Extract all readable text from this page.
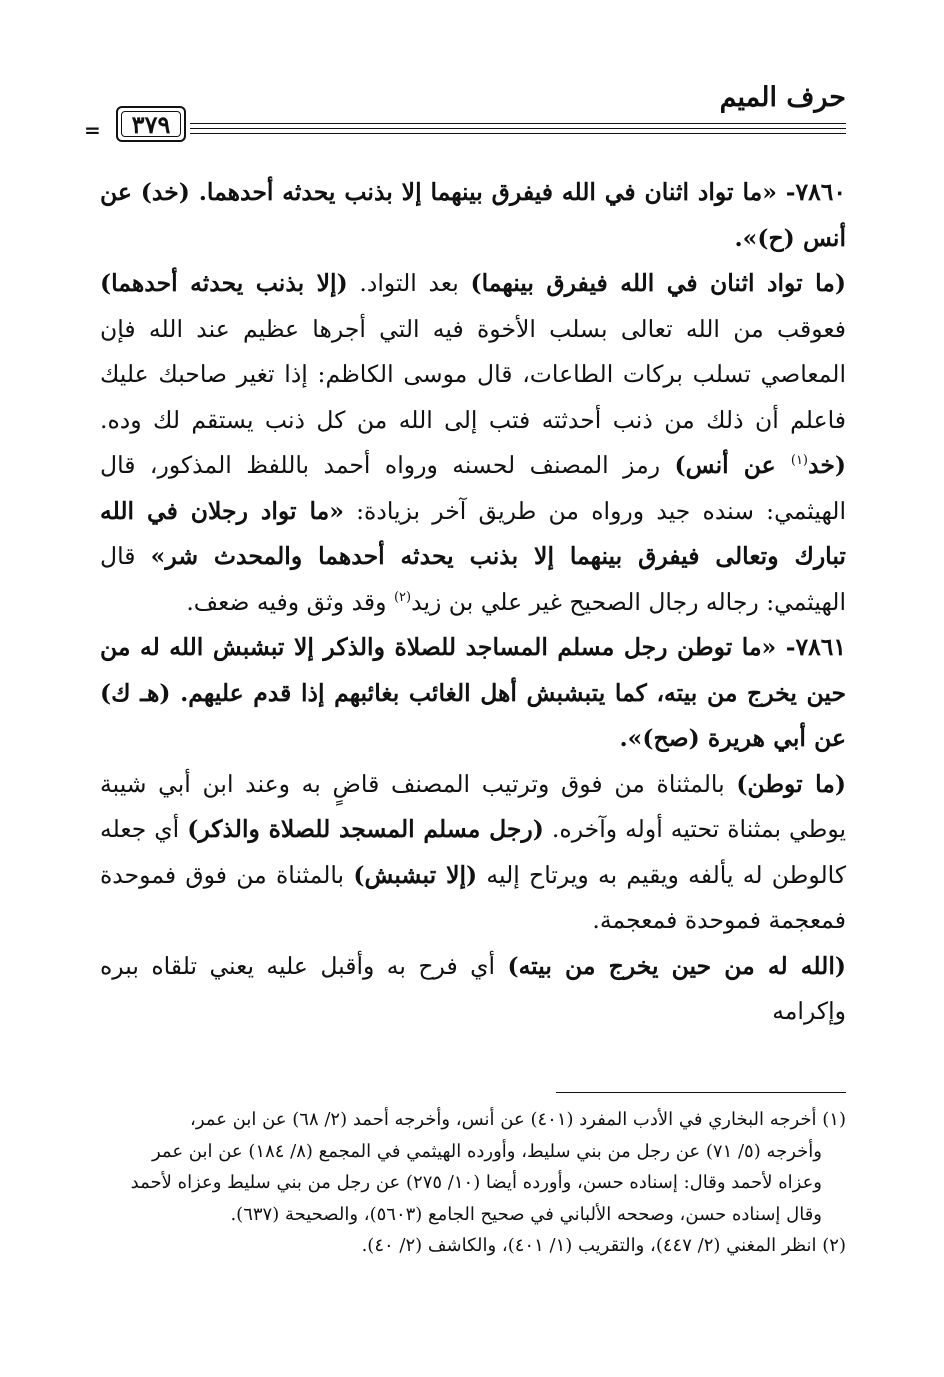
حرف الميم
= ٣٧٩

٧٨٦٠- «ما تواد اثنان في الله فيفرق بينهما إلا بذنب يحدثه أحدهما. (خد) عن أنس (ح)».

(ما تواد اثنان في الله فيفرق بينهما) بعد التواد. (إلا بذنب يحدثه أحدهما) فعوقب من الله تعالى بسلب الأخوة فيه التي أجرها عظيم عند الله فإن المعاصي تسلب بركات الطاعات، قال موسى الكاظم: إذا تغير صاحبك عليك فاعلم أن ذلك من ذنب أحدثته فتب إلى الله من كل ذنب يستقم لك وده. (خد$^{(١)}$ عن أنس) رمز المصنف لحسنه ورواه أحمد باللفظ المذكور، قال الهيثمي: سنده جيد ورواه من طريق آخر بزيادة: «ما تواد رجلان في الله تبارك وتعالى فيفرق بينهما إلا بذنب يحدثه أحدهما والمحدث شر» قال الهيثمي: رجاله رجال الصحيح غير علي بن زيد$^{(٢)}$ وقد وثق وفيه ضعف.

٧٨٦١- «ما توطن رجل مسلم المساجد للصلاة والذكر إلا تبشبش الله له من حين يخرج من بيته، كما يتبشبش أهل الغائب بغائبهم إذا قدم عليهم. (هـ ك) عن أبي هريرة (صح)».

(ما توطن) بالمثناة من فوق وترتيب المصنف قاضٍ به وعند ابن أبي شيبة يوطي بمثناة تحتيه أوله وآخره. (رجل مسلم المسجد للصلاة والذكر) أي جعله كالوطن له يألفه ويقيم به ويرتاح إليه (إلا تبشبش) بالمثناة من فوق فموحدة فمعجمة فموحدة فمعجمة.

(الله له من حين يخرج من بيته) أي فرح به وأقبل عليه يعني تلقاه ببره وإكرامه

(١) أخرجه البخاري في الأدب المفرد (٤٠١) عن أنس، وأخرجه أحمد (٢/ ٦٨) عن ابن عمر،

وأخرجه (٥/ ٧١) عن رجل من بني سليط، وأورده الهيثمي في المجمع (٨/ ١٨٤) عن ابن عمر

وعزاه لأحمد وقال: إسناده حسن، وأورده أيضا (١٠/ ٢٧٥) عن رجل من بني سليط وعزاه لأحمد

وقال إسناده حسن، وصححه الألباني في صحيح الجامع (٥٦٠٣)، والصحيحة (٦٣٧).

(٢) انظر المغني (٢/ ٤٤٧)، والتقريب (١/ ٤٠١)، والكاشف (٢/ ٤٠).
